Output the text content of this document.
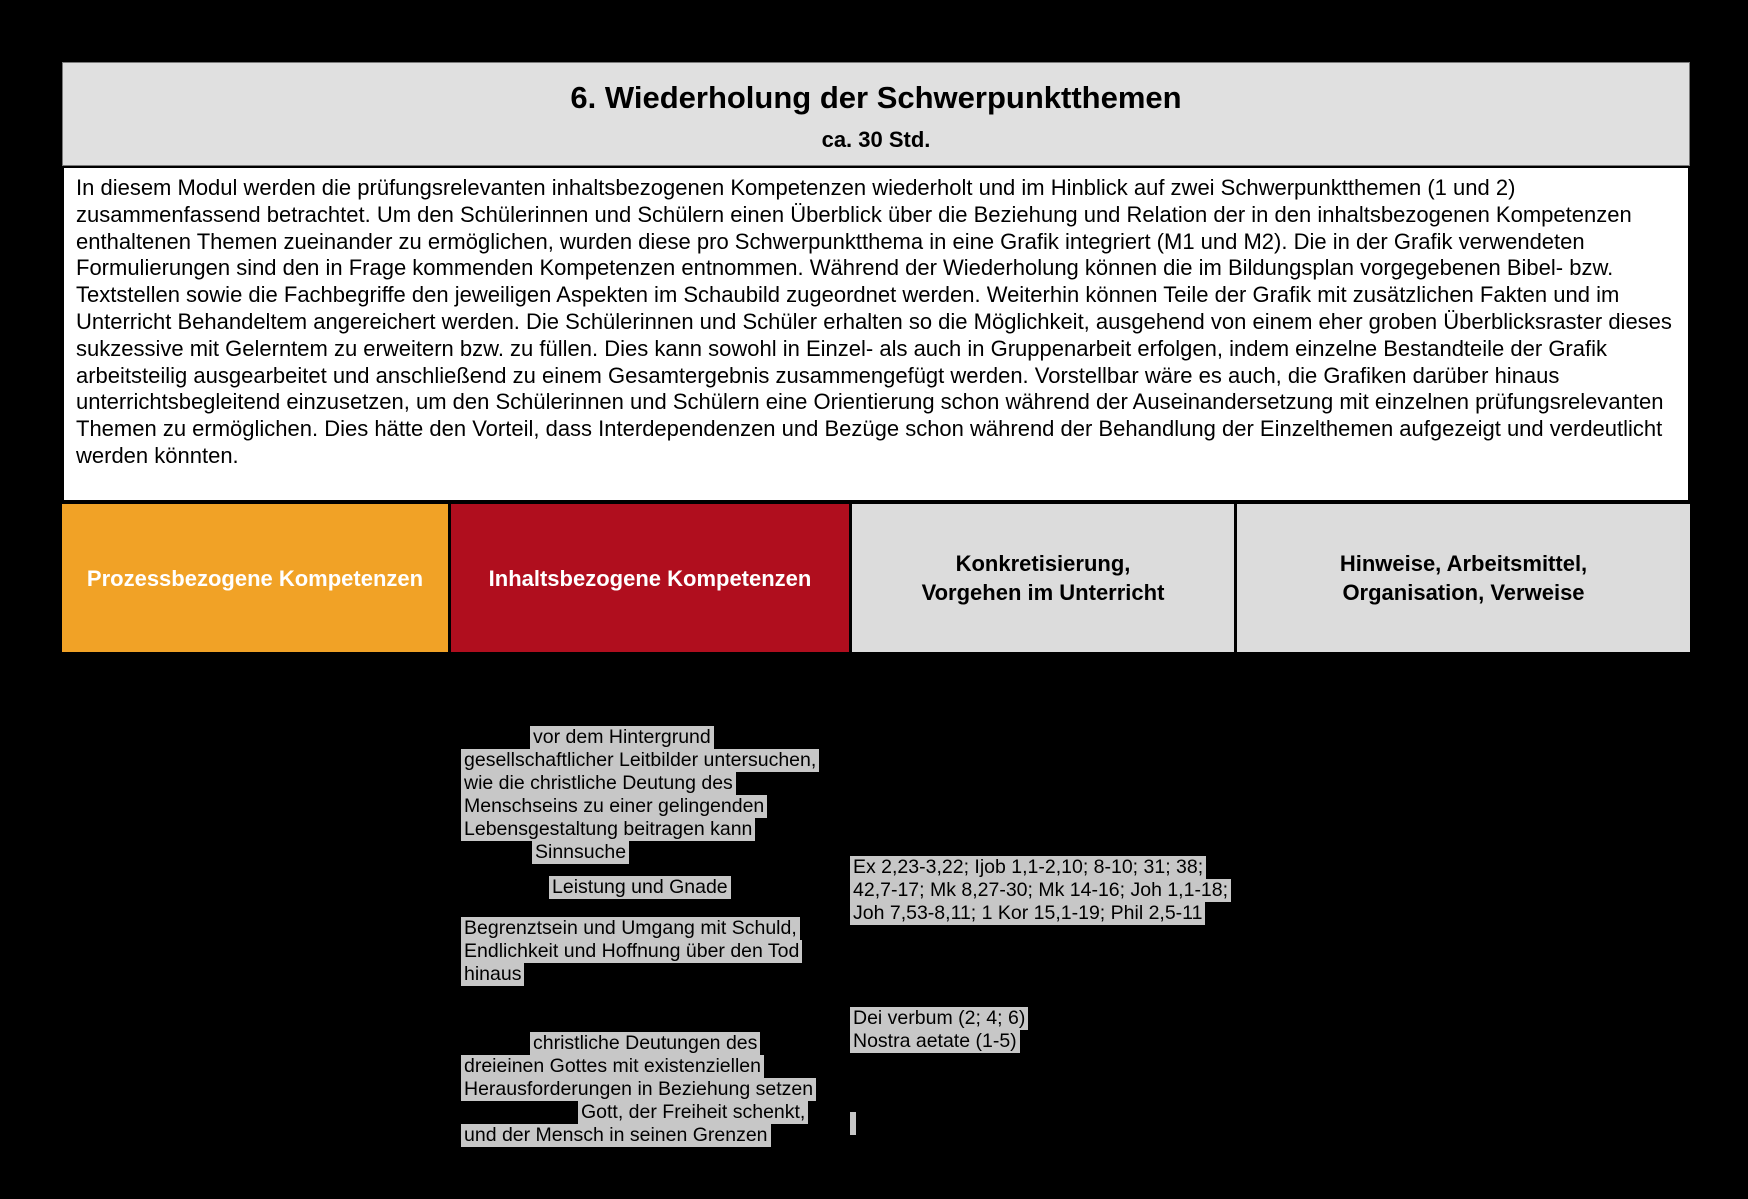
6. Wiederholung der Schwerpunktthemen
ca. 30 Std.

In diesem Modul werden die prüfungsrelevanten inhaltsbezogenen Kompetenzen wiederholt und im Hinblick auf zwei Schwerpunktthemen (1 und 2) zusammenfassend betrachtet. Um den Schülerinnen und Schülern einen Überblick über die Beziehung und Relation der in den inhaltsbezogenen Kompetenzen enthaltenen Themen zueinander zu ermöglichen, wurden diese pro Schwerpunktthema in eine Grafik integriert (M1 und M2). Die in der Grafik verwendeten Formulierungen sind den in Frage kommenden Kompetenzen entnommen. Während der Wiederholung können die im Bildungsplan vorgegebenen Bibel- bzw. Textstellen sowie die Fachbegriffe den jeweiligen Aspekten im Schaubild zugeordnet werden. Weiterhin können Teile der Grafik mit zusätzlichen Fakten und im Unterricht Behandeltem angereichert werden. Die Schülerinnen und Schüler erhalten so die Möglichkeit, ausgehend von einem eher groben Überblicksraster dieses sukzessive mit Gelerntem zu erweitern bzw. zu füllen. Dies kann sowohl in Einzel- als auch in Gruppenarbeit erfolgen, indem einzelne Bestandteile der Grafik arbeitsteilig ausgearbeitet und anschließend zu einem Gesamtergebnis zusammengefügt werden. Vorstellbar wäre es auch, die Grafiken darüber hinaus unterrichtsbegleitend einzusetzen, um den Schülerinnen und Schülern eine Orientierung schon während der Auseinandersetzung mit einzelnen prüfungsrelevanten Themen zu ermöglichen. Dies hätte den Vorteil, dass Interdependenzen und Bezüge schon während der Behandlung der Einzelthemen aufgezeigt und verdeutlicht werden könnten.

Prozessbezogene Kompetenzen	Inhaltsbezogene Kompetenzen
Konkretisierung,
Vorgehen im Unterricht
Hinweise, Arbeitsmittel,
Organisation, Verweise
vor dem Hintergrund
gesellschaftlicher Leitbilder untersuchen,
wie die christliche Deutung des
Menschseins zu einer gelingenden
Lebensgestaltung beitragen kann
Sinnsuche
Leistung und Gnade
Begrenztsein und Umgang mit Schuld,
Endlichkeit und Hoffnung über den Tod
hinaus
Ex 2,23-3,22; Ijob 1,1-2,10; 8-10; 31; 38;
42,7-17; Mk 8,27-30; Mk 14-16; Joh 1,1-18;
Joh 7,53-8,11; 1 Kor 15,1-19; Phil 2,5-11
Dei verbum (2; 4; 6)
Nostra aetate (1-5)
christliche Deutungen des
dreieinen Gottes mit existenziellen
Herausforderungen in Beziehung setzen
Gott, der Freiheit schenkt,
und der Mensch in seinen Grenzen
